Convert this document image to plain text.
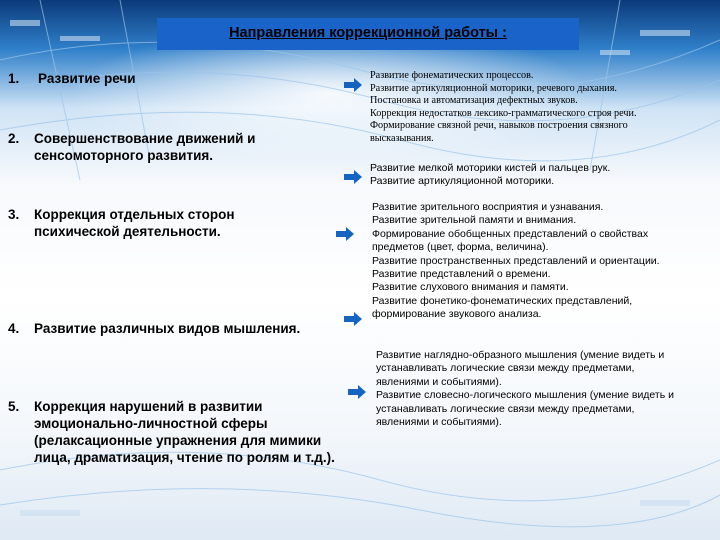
Направления коррекционной работы :
1.	Развитие речи
2.	Совершенствование движений и сенсомоторного развития.
3.	Коррекция отдельных сторон психической деятельности.
4.	Развитие различных видов мышления.
5.	Коррекция нарушений в развитии эмоционально-личностной сферы (релаксационные упражнения для мимики лица, драматизация, чтение по ролям и т.д.).
Развитие фонематических процессов.
Развитие артикуляционной моторики, речевого дыхания.
Постановка и автоматизация дефектных звуков.
Коррекция недостатков лексико-грамматического строя речи.
Формирование связной речи, навыков построения связного
высказывания.
Развитие мелкой моторики кистей и пальцев рук.
Развитие артикуляционной моторики.
Развитие зрительного восприятия и узнавания.
Развитие зрительной памяти и внимания.
Формирование обобщенных представлений о свойствах
предметов (цвет, форма, величина).
Развитие пространственных представлений и ориентации.
Развитие представлений о времени.
Развитие слухового внимания и памяти.
Развитие фонетико-фонематических представлений,
формирование звукового анализа.
Развитие наглядно-образного мышления (умение видеть и
устанавливать логические связи между предметами,
явлениями и событиями).
Развитие словесно-логического мышления (умение видеть и
устанавливать логические связи между предметами,
явлениями и событиями).
